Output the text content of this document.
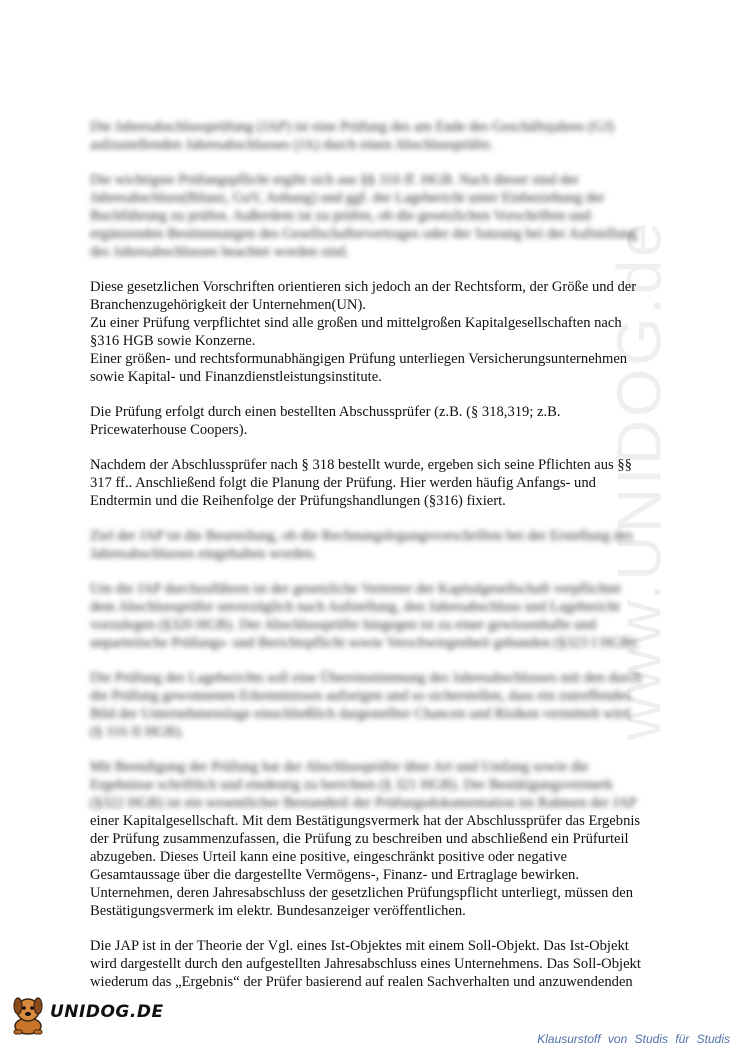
www.UNIDOG.de

Die Jahresabschlussprüfung (JAP) ist eine Prüfung des am Ende des Geschäftsjahres (GJ)
aufzustellenden Jahresabschlusses (JA) durch einen Abschlussprüfer.

Die wichtigste Prüfungspflicht ergibt sich aus §§ 316 ff. HGB. Nach dieser sind der
Jahresabschluss(Bilanz, GuV, Anhang) und ggf. der Lagebericht unter Einbeziehung der
Buchführung zu prüfen. Außerdem ist zu prüfen, ob die gesetzlichen Vorschriften und
ergänzenden Bestimmungen des Gesellschaftervertrages oder der Satzung bei der Aufstellung
des Jahresabschlusses beachtet worden sind.

Diese gesetzlichen Vorschriften orientieren sich jedoch an der Rechtsform, der Größe und der
Branchenzugehörigkeit der Unternehmen(UN).
Zu einer Prüfung verpflichtet sind alle großen und mittelgroßen Kapitalgesellschaften nach
§316 HGB sowie Konzerne.
Einer größen- und rechtsformunabhängigen Prüfung unterliegen Versicherungsunternehmen
sowie Kapital- und Finanzdienstleistungsinstitute.

Die Prüfung erfolgt durch einen bestellten Abschussprüfer (z.B. (§ 318,319; z.B.
Pricewaterhouse Coopers).

Nachdem der Abschlussprüfer nach § 318 bestellt wurde, ergeben sich seine Pflichten aus §§
317 ff.. Anschließend folgt die Planung der Prüfung. Hier werden häufig Anfangs- und
Endtermin und die Reihenfolge der Prüfungshandlungen (§316) fixiert.

Ziel der JAP ist die Beurteilung, ob die Rechnungslegungsvorschriften bei der Erstellung des
Jahresabschlusses eingehalten worden.

Um die JAP durchzuführen ist der gesetzliche Vertreter der Kapitalgesellschaft verpflichtet
dem Abschlussprüfer unverzüglich nach Aufstellung, den Jahresabschluss und Lagebericht
vorzulegen (§320 HGB). Der Abschlussprüfer hingegen ist zu einer gewissenhafte und
unparteiische Prüfungs- und Berichtspflicht sowie Verschwiegenheit gebunden (§323 I HGB).

Die Prüfung des Lageberichts soll eine Übereinstimmung des Jahresabschlusses mit den durch
die Prüfung gewonnenen Erkenntnissen aufzeigen und so sicherstellen, dass ein zutreffendes
Bild der Unternehmenslage einschließlich dargestellter Chancen und Risiken vermittelt wird
(§ 316 II HGB).

Mit Beendigung der Prüfung hat der Abschlussprüfer über Art und Umfang sowie die
Ergebnisse schriftlich und eindeutig zu berichten (§ 321 HGB). Der Bestätigungsvermerk
(§322 HGB) ist ein wesentlicher Bestandteil der Prüfungsdokumentation im Rahmen der JAP
einer Kapitalgesellschaft. Mit dem Bestätigungsvermerk hat der Abschlussprüfer das Ergebnis
der Prüfung zusammenzufassen, die Prüfung zu beschreiben und abschließend ein Prüfurteil
abzugeben. Dieses Urteil kann eine positive, eingeschränkt positive oder negative
Gesamtaussage über die dargestellte Vermögens-, Finanz- und Ertraglage bewirken.
Unternehmen, deren Jahresabschluss der gesetzlichen Prüfungspflicht unterliegt, müssen den
Bestätigungsvermerk im elektr. Bundesanzeiger veröffentlichen.

Die JAP ist in der Theorie der Vgl. eines Ist-Objektes mit einem Soll-Objekt. Das Ist-Objekt
wird dargestellt durch den aufgestellten Jahresabschluss eines Unternehmens. Das Soll-Objekt
wiederum das „Ergebnis“ der Prüfer basierend auf realen Sachverhalten und anzuwendenden

UNIDOG.DE
Klausurstoff von Studis für Studis
